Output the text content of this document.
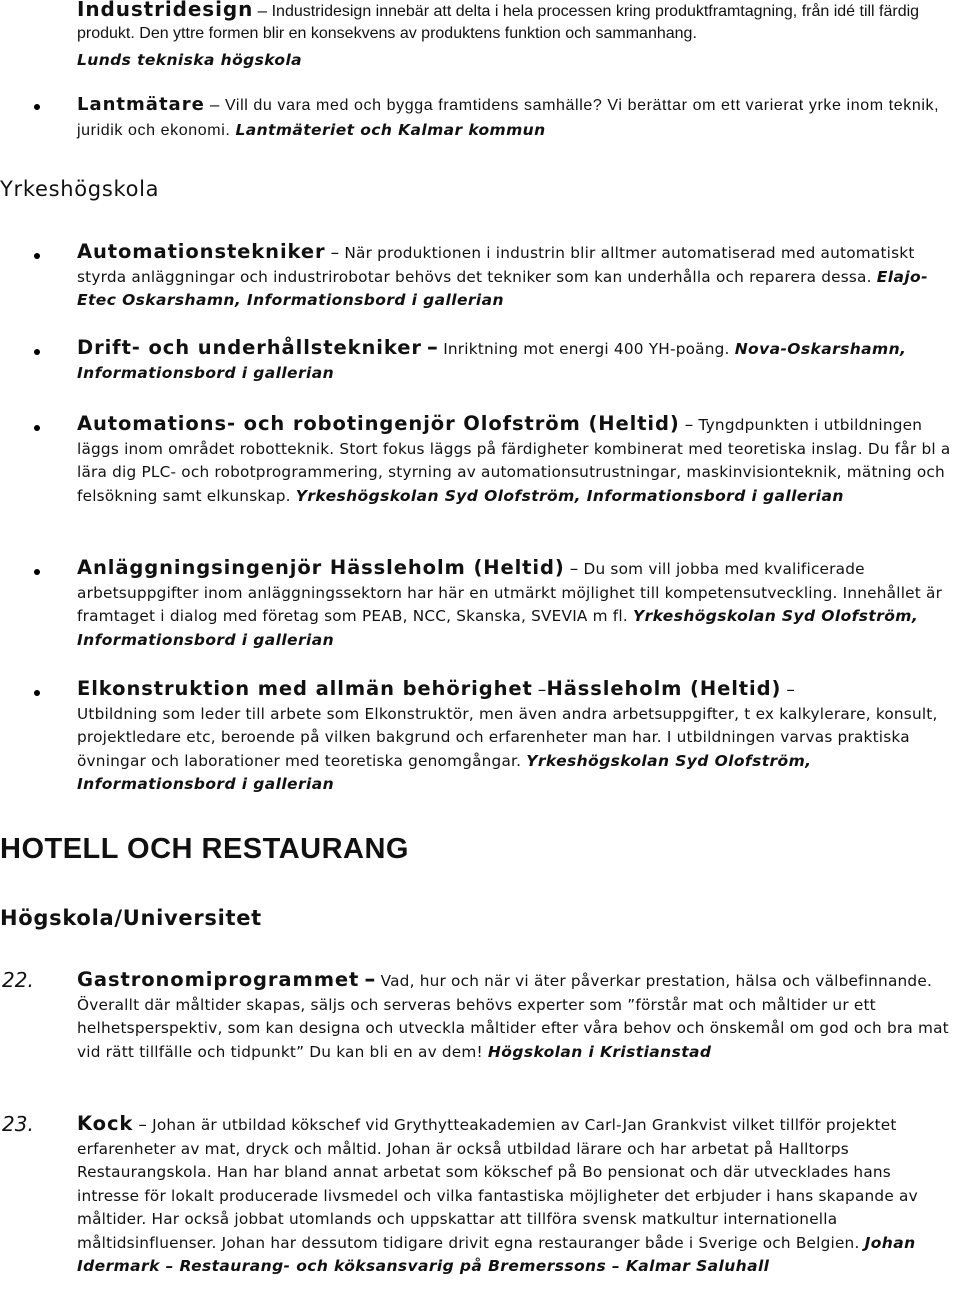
Industridesign – Industridesign innebär att delta i hela processen kring produktframtagning, från idé till färdig produkt. Den yttre formen blir en konsekvens av produktens funktion och sammanhang.
Lunds tekniska högskola
Lantmätare – Vill du vara med och bygga framtidens samhälle? Vi berättar om ett varierat yrke inom teknik, juridik och ekonomi. Lantmäteriet och Kalmar kommun
Yrkeshögskola
Automationstekniker – När produktionen i industrin blir alltmer automatiserad med automatiskt styrda anläggningar och industrirobotar behövs det tekniker som kan underhålla och reparera dessa. Elajo-Etec Oskarshamn, Informationsbord i gallerian
Drift- och underhållstekniker – Inriktning mot energi 400 YH-poäng. Nova-Oskarshamn, Informationsbord i gallerian
Automations- och robotingenjör Olofström (Heltid) – Tyngdpunkten i utbildningen läggs inom området robotteknik. Stort fokus läggs på färdigheter kombinerat med teoretiska inslag. Du får bl a lära dig PLC- och robotprogrammering, styrning av automationsutrustningar, maskinvisionteknik, mätning och felsökning samt elkunskap. Yrkeshögskolan Syd Olofström, Informationsbord i gallerian
Anläggningsingenjör Hässleholm (Heltid) – Du som vill jobba med kvalificerade arbetsuppgifter inom anläggningssektorn har här en utmärkt möjlighet till kompetensutveckling. Innehållet är framtaget i dialog med företag som PEAB, NCC, Skanska, SVEVIA m fl. Yrkeshögskolan Syd Olofström, Informationsbord i gallerian
Elkonstruktion med allmän behörighet –Hässleholm (Heltid) –
Utbildning som leder till arbete som Elkonstruktör, men även andra arbetsuppgifter, t ex kalkylerare, konsult, projektledare etc, beroende på vilken bakgrund och erfarenheter man har. I utbildningen varvas praktiska övningar och laborationer med teoretiska genomgångar. Yrkeshögskolan Syd Olofström, Informationsbord i gallerian
HOTELL OCH RESTAURANG
Högskola/Universitet
22. Gastronomiprogrammet – Vad, hur och när vi äter påverkar prestation, hälsa och välbefinnande. Överallt där måltider skapas, säljs och serveras behövs experter som ”förstår mat och måltider ur ett helhetsperspektiv, som kan designa och utveckla måltider efter våra behov och önskemål om god och bra mat vid rätt tillfälle och tidpunkt” Du kan bli en av dem! Högskolan i Kristianstad
23. Kock – Johan är utbildad kökschef vid Grythytteakademien av Carl-Jan Grankvist vilket tillför projektet erfarenheter av mat, dryck och måltid. Johan är också utbildad lärare och har arbetat på Halltorps Restaurangskola. Han har bland annat arbetat som kökschef på Bo pensionat och där utvecklades hans intresse för lokalt producerade livsmedel och vilka fantastiska möjligheter det erbjuder i hans skapande av måltider. Har också jobbat utomlands och uppskattar att tillföra svensk matkultur internationella måltidsinfluenser. Johan har dessutom tidigare drivit egna restauranger både i Sverige och Belgien. Johan Idermark – Restaurang- och köksansvarig på Bremerssons – Kalmar Saluhall
